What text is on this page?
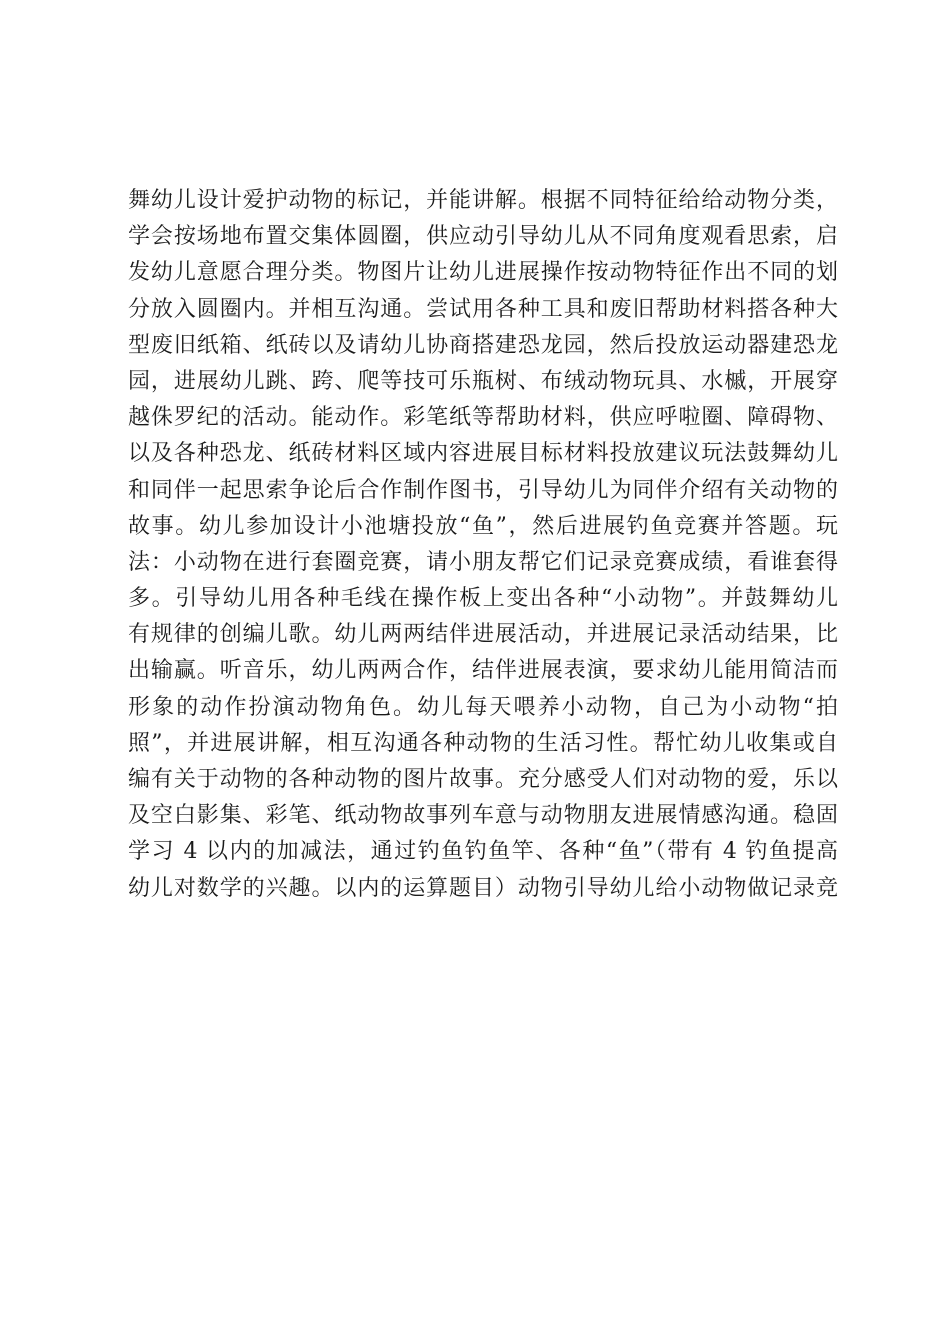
舞幼儿设计爱护动物的标记，并能讲解。根据不同特征给给动物分类，
学会按场地布置交集体圆圈，供应动引导幼儿从不同角度观看思索，启
发幼儿意愿合理分类。物图片让幼儿进展操作按动物特征作出不同的划
分放入圆圈内。并相互沟通。尝试用各种工具和废旧帮助材料搭各种大
型废旧纸箱、纸砖以及请幼儿协商搭建恐龙园，然后投放运动器建恐龙
园，进展幼儿跳、跨、爬等技可乐瓶树、布绒动物玩具、水槭，开展穿
越侏罗纪的活动。能动作。彩笔纸等帮助材料，供应呼啦圈、障碍物、
以及各种恐龙、纸砖材料区域内容进展目标材料投放建议玩法鼓舞幼儿
和同伴一起思索争论后合作制作图书，引导幼儿为同伴介绍有关动物的
故事。幼儿参加设计小池塘投放“鱼”，然后进展钓鱼竞赛并答题。玩
法：小动物在进行套圈竞赛，请小朋友帮它们记录竞赛成绩，看谁套得
多。引导幼儿用各种毛线在操作板上变出各种“小动物”。并鼓舞幼儿
有规律的创编儿歌。幼儿两两结伴进展活动，并进展记录活动结果，比
出输赢。听音乐，幼儿两两合作，结伴进展表演，要求幼儿能用简洁而
形象的动作扮演动物角色。幼儿每天喂养小动物，自己为小动物“拍
照”，并进展讲解，相互沟通各种动物的生活习性。帮忙幼儿收集或自
编有关于动物的各种动物的图片故事。充分感受人们对动物的爱，乐以
及空白影集、彩笔、纸动物故事列车意与动物朋友进展情感沟通。稳固
学习 4 以内的加减法，通过钓鱼钓鱼竿、各种“鱼”（带有 4 钓鱼提高
幼儿对数学的兴趣。以内的运算题目）动物引导幼儿给小动物做记录竞
